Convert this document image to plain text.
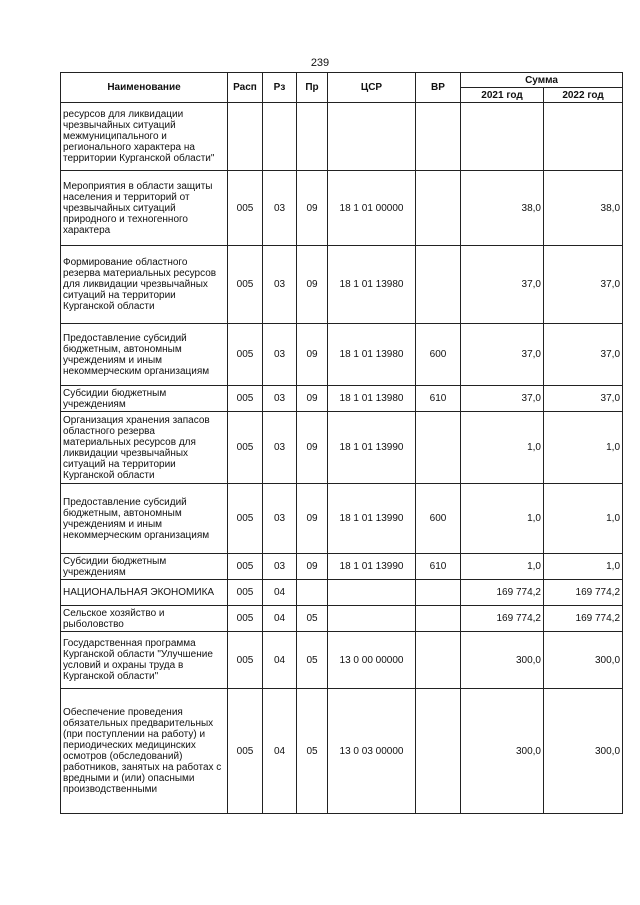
239
Наименование	Расп	Рз	Пр	ЦСР	ВР	Сумма	
						2021 год	2022 год
ресурсов для ликвидации чрезвычайных ситуаций межмуниципального и регионального характера на территории Курганской области"							
Мероприятия в области защиты населения и территорий от чрезвычайных ситуаций природного и техногенного характера	005	03	09	18 1 01 00000		38,0	38,0
Формирование областного резерва материальных ресурсов для ликвидации чрезвычайных ситуаций на территории Курганской области	005	03	09	18 1 01 13980		37,0	37,0
Предоставление субсидий бюджетным, автономным учреждениям и иным некоммерческим организациям	005	03	09	18 1 01 13980	600	37,0	37,0
Субсидии бюджетным учреждениям	005	03	09	18 1 01 13980	610	37,0	37,0
Организация хранения запасов областного резерва материальных ресурсов для ликвидации чрезвычайных ситуаций на территории Курганской области	005	03	09	18 1 01 13990		1,0	1,0
Предоставление субсидий бюджетным, автономным учреждениям и иным некоммерческим организациям	005	03	09	18 1 01 13990	600	1,0	1,0
Субсидии бюджетным учреждениям	005	03	09	18 1 01 13990	610	1,0	1,0
НАЦИОНАЛЬНАЯ ЭКОНОМИКА	005	04				169 774,2	169 774,2
Сельское хозяйство и рыболовство	005	04	05			169 774,2	169 774,2
Государственная программа Курганской области "Улучшение условий и охраны труда в Курганской области"	005	04	05	13 0 00 00000		300,0	300,0
Обеспечение проведения обязательных предварительных (при поступлении на работу) и периодических медицинских осмотров (обследований) работников, занятых на работах с вредными и (или) опасными производственными	005	04	05	13 0 03 00000		300,0	300,0
